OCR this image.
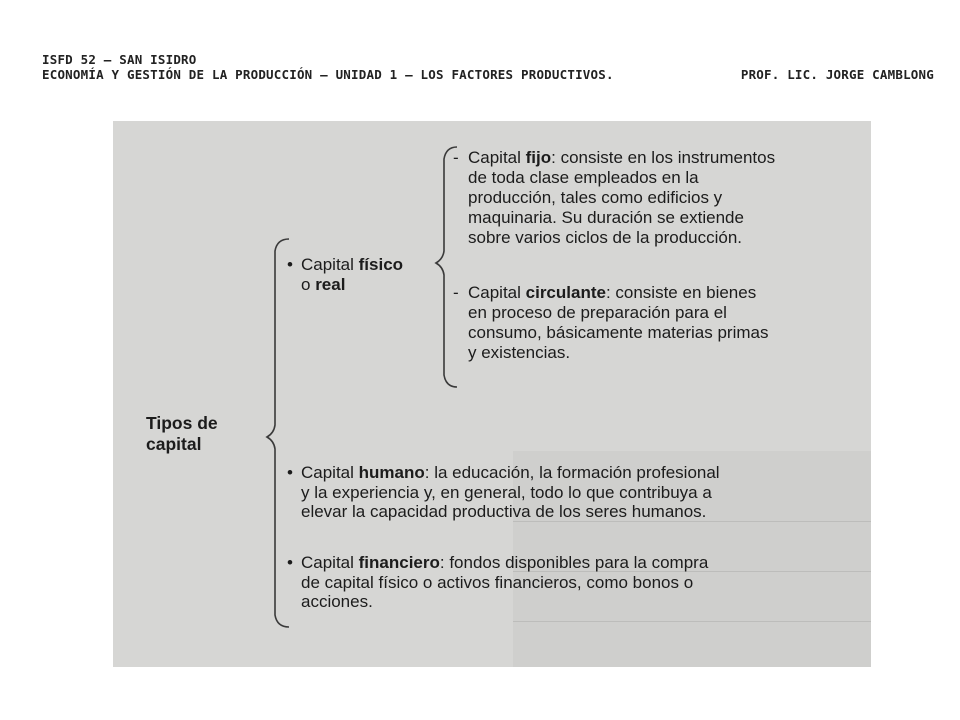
ISFD 52 – SAN ISIDRO
ECONOMÍA Y GESTIÓN DE LA PRODUCCIÓN – UNIDAD 1 – LOS FACTORES PRODUCTIVOS.	PROF. LIC. JORGE CAMBLONG
Tipos de
capital
• Capital físico
o real
- Capital fijo: consiste en los instrumentos
de toda clase empleados en la
producción, tales como edificios y
maquinaria. Su duración se extiende
sobre varios ciclos de la producción.
- Capital circulante: consiste en bienes
en proceso de preparación para el
consumo, básicamente materias primas
y existencias.
• Capital humano: la educación, la formación profesional
y la experiencia y, en general, todo lo que contribuya a
elevar la capacidad productiva de los seres humanos.
• Capital financiero: fondos disponibles para la compra
de capital físico o activos financieros, como bonos o
acciones.
